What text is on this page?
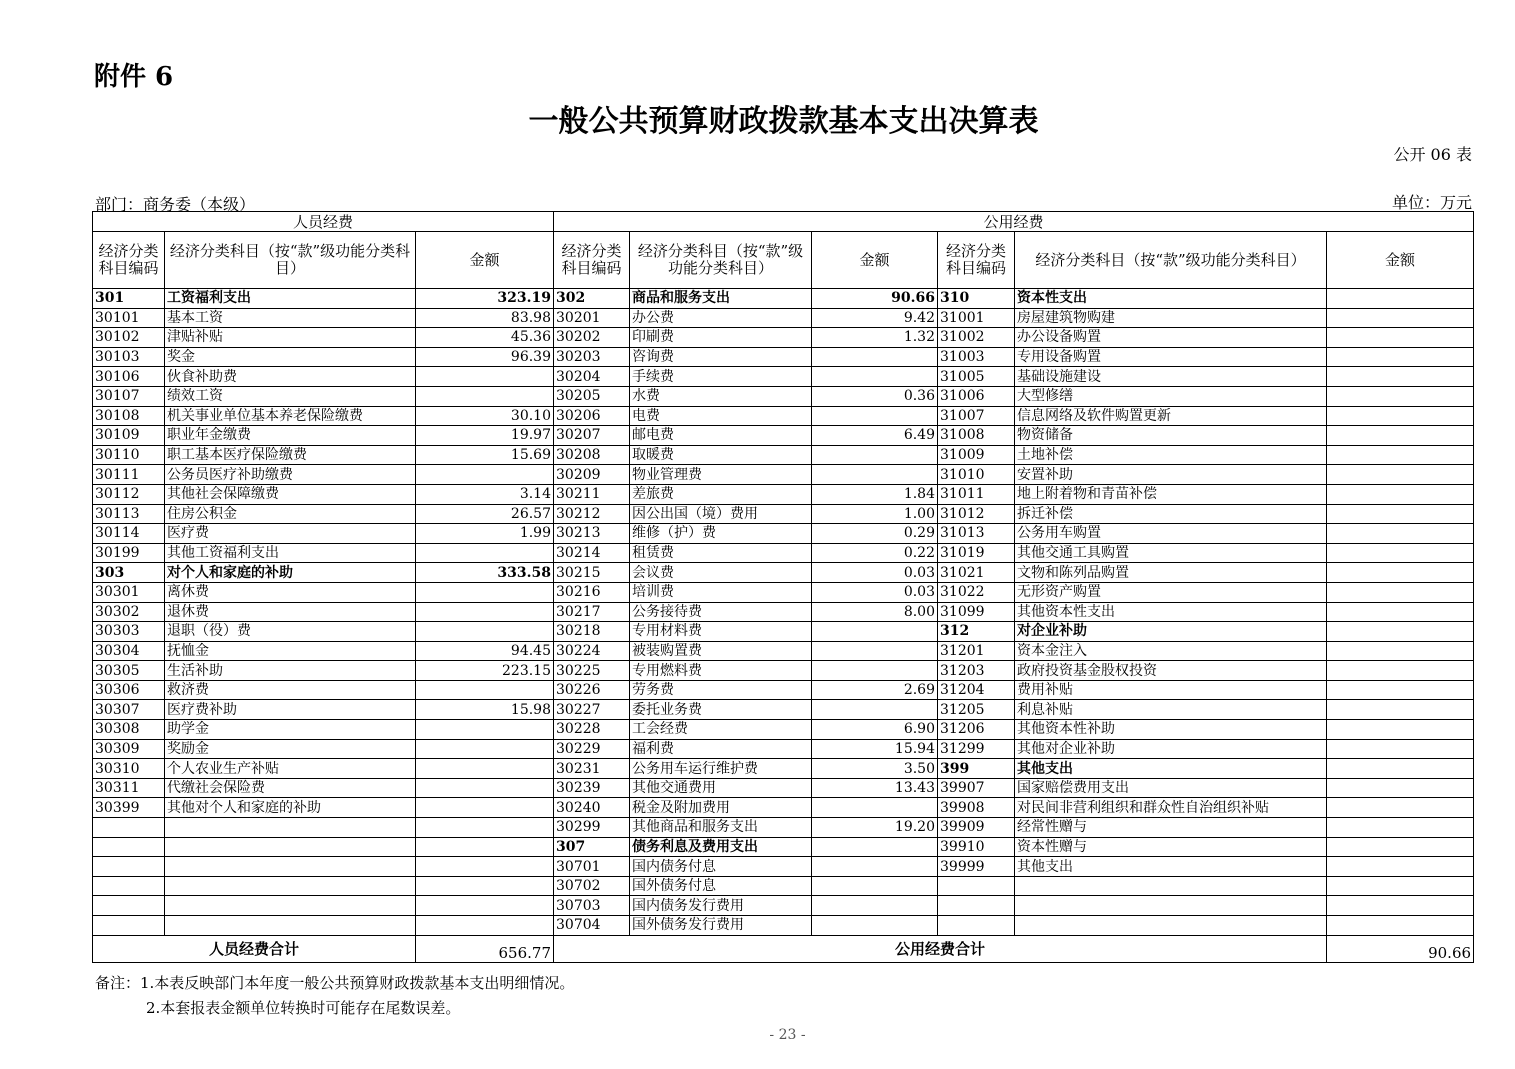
附件 6
一般公共预算财政拨款基本支出决算表
公开 06 表
部门：商务委（本级）	单位：万元
人员经费			公用经费					
经济分类科目编码	经济分类科目（按“款”级功能分类科目）	金额	经济分类科目编码	经济分类科目（按“款”级功能分类科目）	金额	经济分类科目编码	经济分类科目（按“款”级功能分类科目）	金额
301	工资福利支出	323.19	302	商品和服务支出	90.66	310	资本性支出	
30101	基本工资	83.98	30201	办公费	9.42	31001	房屋建筑物购建	
30102	津贴补贴	45.36	30202	印刷费	1.32	31002	办公设备购置	
30103	奖金	96.39	30203	咨询费		31003	专用设备购置	
30106	伙食补助费		30204	手续费		31005	基础设施建设	
30107	绩效工资		30205	水费	0.36	31006	大型修缮	
30108	机关事业单位基本养老保险缴费	30.10	30206	电费		31007	信息网络及软件购置更新	
30109	职业年金缴费	19.97	30207	邮电费	6.49	31008	物资储备	
30110	职工基本医疗保险缴费	15.69	30208	取暖费		31009	土地补偿	
30111	公务员医疗补助缴费		30209	物业管理费		31010	安置补助	
30112	其他社会保障缴费	3.14	30211	差旅费	1.84	31011	地上附着物和青苗补偿	
30113	住房公积金	26.57	30212	因公出国（境）费用	1.00	31012	拆迁补偿	
30114	医疗费	1.99	30213	维修（护）费	0.29	31013	公务用车购置	
30199	其他工资福利支出		30214	租赁费	0.22	31019	其他交通工具购置	
303	对个人和家庭的补助	333.58	30215	会议费	0.03	31021	文物和陈列品购置	
30301	离休费		30216	培训费	0.03	31022	无形资产购置	
30302	退休费		30217	公务接待费	8.00	31099	其他资本性支出	
30303	退职（役）费		30218	专用材料费		312	对企业补助	
30304	抚恤金	94.45	30224	被装购置费		31201	资本金注入	
30305	生活补助	223.15	30225	专用燃料费		31203	政府投资基金股权投资	
30306	救济费		30226	劳务费	2.69	31204	费用补贴	
30307	医疗费补助	15.98	30227	委托业务费		31205	利息补贴	
30308	助学金		30228	工会经费	6.90	31206	其他资本性补助	
30309	奖励金		30229	福利费	15.94	31299	其他对企业补助	
30310	个人农业生产补贴		30231	公务用车运行维护费	3.50	399	其他支出	
30311	代缴社会保险费		30239	其他交通费用	13.43	39907	国家赔偿费用支出	
30399	其他对个人和家庭的补助		30240	税金及附加费用		39908	对民间非营利组织和群众性自治组织补贴	
			30299	其他商品和服务支出	19.20	39909	经常性赠与	
			307	债务利息及费用支出		39910	资本性赠与	
			30701	国内债务付息		39999	其他支出	
			30702	国外债务付息				
			30703	国内债务发行费用				
			30704	国外债务发行费用				
人员经费合计		656.77	公用经费合计					90.66
备注：1.本表反映部门本年度一般公共预算财政拨款基本支出明细情况。
2.本套报表金额单位转换时可能存在尾数误差。
- 23 -
